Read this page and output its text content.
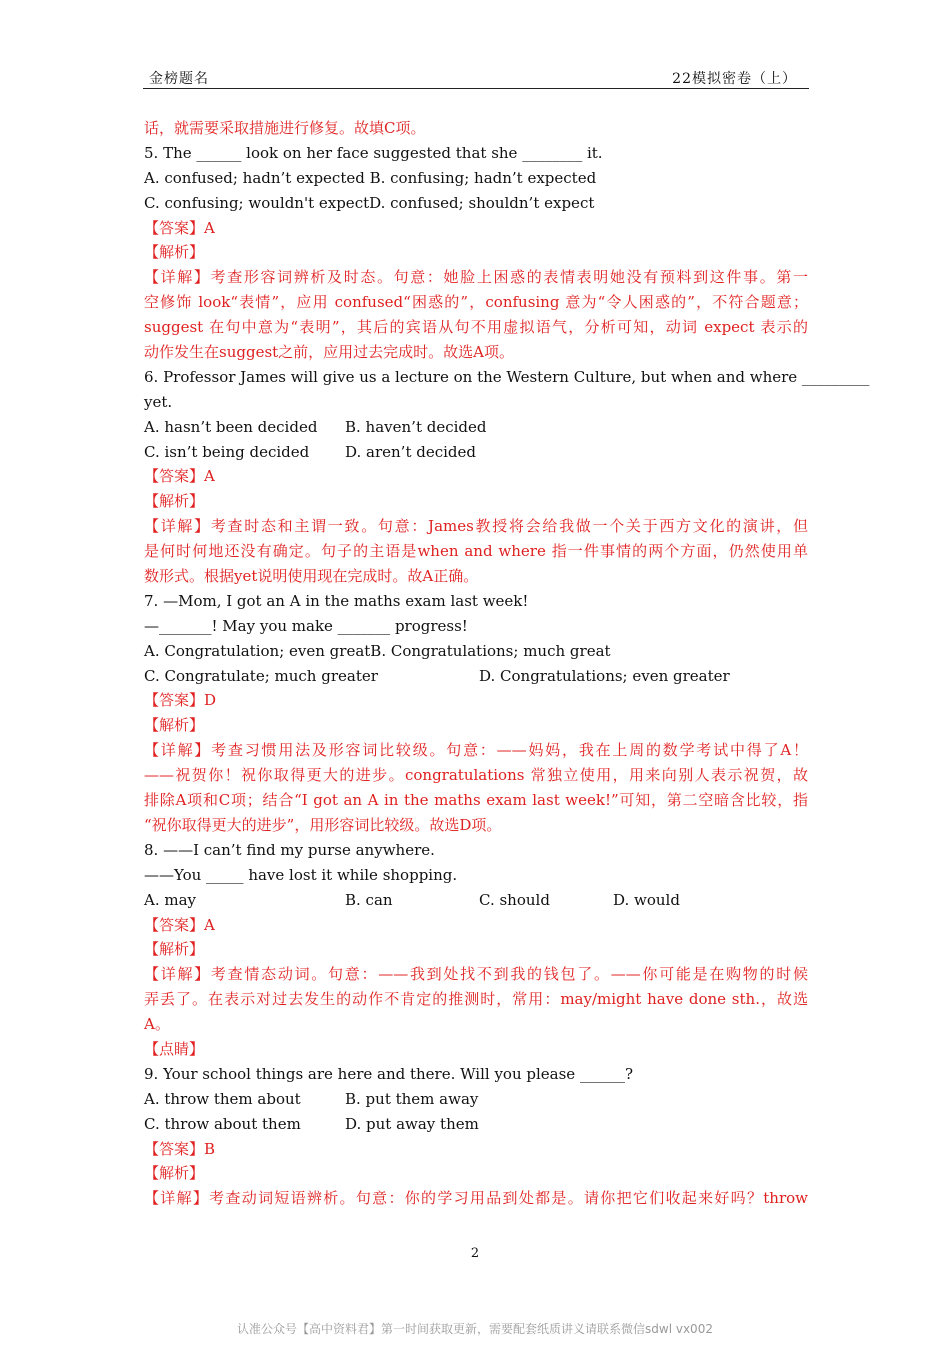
金榜题名	22模拟密卷（上）
话，就需要采取措施进行修复。故填C项。
5. The ______ look on her face suggested that she ________ it.
A. confused; hadn’t expected B. confusing; hadn’t expected
C. confusing; wouldn't expectD. confused; shouldn’t expect
【答案】A
【解析】
【详解】考查形容词辨析及时态。句意：她脸上困惑的表情表明她没有预料到这件事。第一
空修饰 look“表情”，应用 confused“困惑的”，confusing 意为“令人困惑的”，不符合题意；
suggest 在句中意为“表明”，其后的宾语从句不用虚拟语气，分析可知，动词 expect 表示的
动作发生在suggest之前，应用过去完成时。故选A项。
6. Professor James will give us a lecture on the Western Culture, but when and where _________
yet.
A. hasn’t been decided B. haven’t decided
C. isn’t being decided D. aren’t decided
【答案】A
【解析】
【详解】考查时态和主谓一致。句意：James教授将会给我做一个关于西方文化的演讲，但
是何时何地还没有确定。句子的主语是when and where 指一件事情的两个方面，仍然使用单
数形式。根据yet说明使用现在完成时。故A正确。
7. —Mom, I got an A in the maths exam last week!
—_______! May you make _______ progress!
A. Congratulation; even greatB. Congratulations; much great
C. Congratulate; much greater	D. Congratulations; even greater
【答案】D
【解析】
【详解】考查习惯用法及形容词比较级。句意：——妈妈，我在上周的数学考试中得了A！
——祝贺你！祝你取得更大的进步。congratulations 常独立使用，用来向别人表示祝贺，故
排除A项和C项；结合“I got an A in the maths exam last week!”可知，第二空暗含比较，指
“祝你取得更大的进步”，用形容词比较级。故选D项。
8. ——I can’t find my purse anywhere.
——You _____ have lost it while shopping.
A. may	B. can	C. should	D. would
【答案】A
【解析】
【详解】考查情态动词。句意：——我到处找不到我的钱包了。——你可能是在购物的时候
弄丢了。在表示对过去发生的动作不肯定的推测时，常用：may/might have done sth.，故选
A。
【点睛】
9. Your school things are here and there. Will you please ______?
A. throw them about	B. put them away
C. throw about them	D. put away them
【答案】B
【解析】
【详解】考查动词短语辨析。句意：你的学习用品到处都是。请你把它们收起来好吗？throw
2
认准公众号【高中资料君】第一时间获取更新，需要配套纸质讲义请联系微信sdwl vx002
